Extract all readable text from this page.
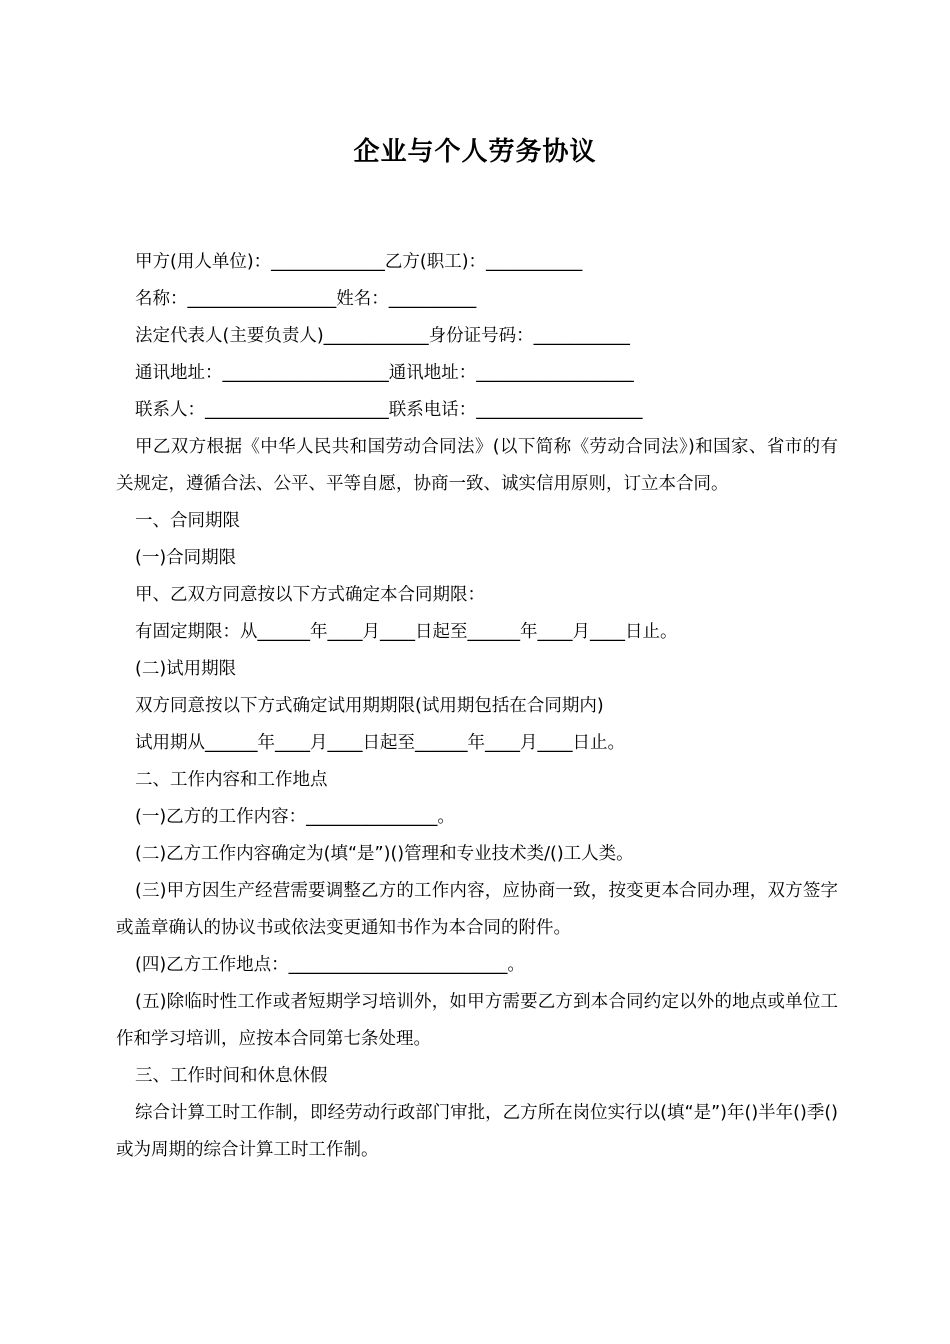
企业与个人劳务协议
甲方(用人单位)：_____________乙方(职工)：___________
名称：_________________姓名：__________
法定代表人(主要负责人)____________身份证号码：___________
通讯地址：___________________通讯地址：__________________
联系人：_____________________联系电话：___________________
甲乙双方根据《中华人民共和国劳动合同法》(以下简称《劳动合同法》)和国家、省市的有关规定，遵循合法、公平、平等自愿，协商一致、诚实信用原则，订立本合同。
一、合同期限
(一)合同期限
甲、乙双方同意按以下方式确定本合同期限：
有固定期限：从______年____月____日起至______年____月____日止。
(二)试用期限
双方同意按以下方式确定试用期期限(试用期包括在合同期内)
试用期从______年____月____日起至______年____月____日止。
二、工作内容和工作地点
(一)乙方的工作内容：_______________。
(二)乙方工作内容确定为(填“是”)()管理和专业技术类/()工人类。
(三)甲方因生产经营需要调整乙方的工作内容，应协商一致，按变更本合同办理，双方签字或盖章确认的协议书或依法变更通知书作为本合同的附件。
(四)乙方工作地点：_________________________。
(五)除临时性工作或者短期学习培训外，如甲方需要乙方到本合同约定以外的地点或单位工作和学习培训，应按本合同第七条处理。
三、工作时间和休息休假
综合计算工时工作制，即经劳动行政部门审批，乙方所在岗位实行以(填“是”)年()半年()季()或为周期的综合计算工时工作制。
